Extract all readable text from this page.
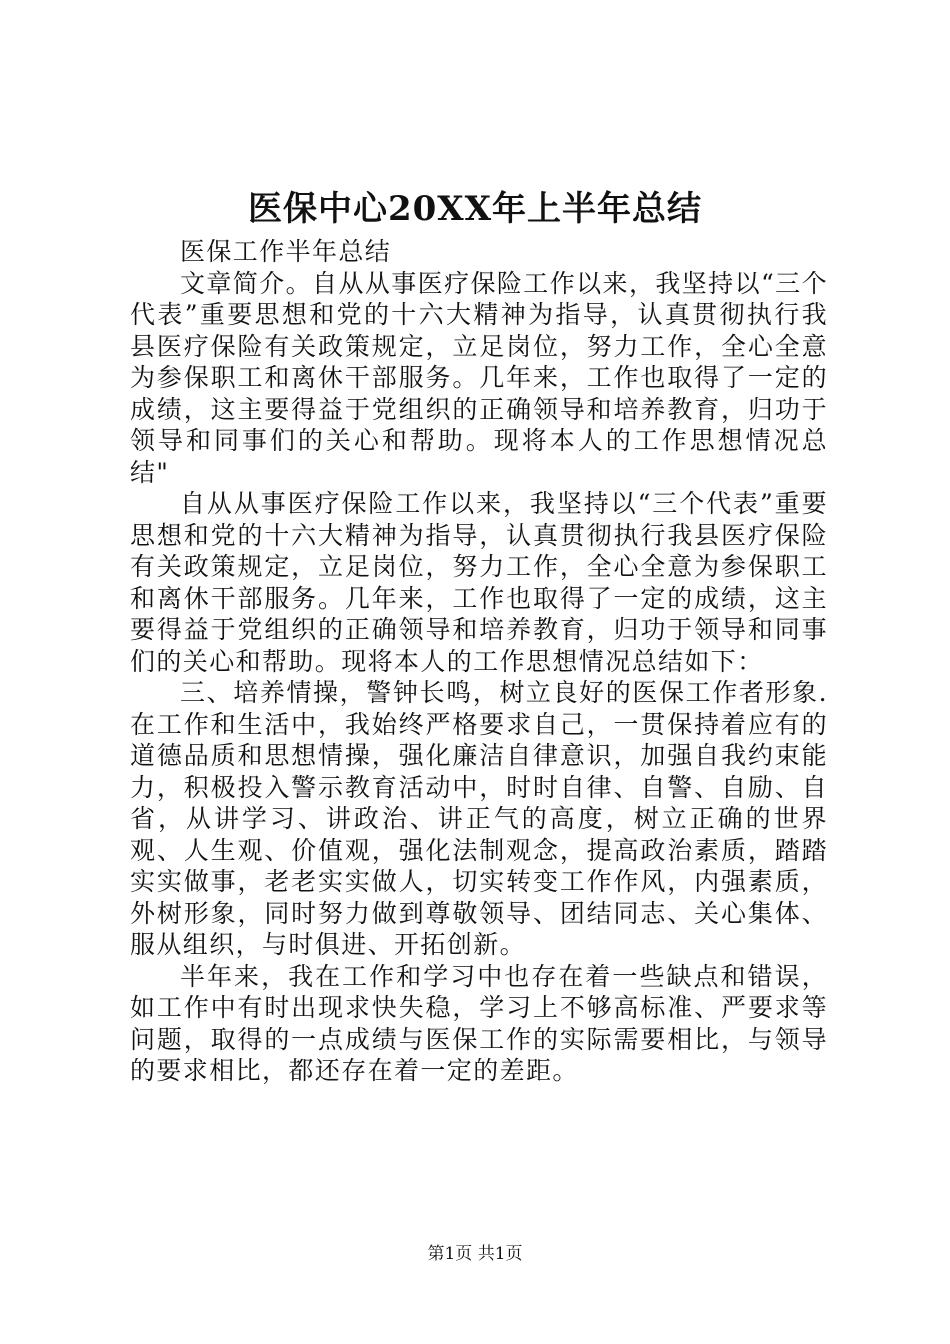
医保中心20XX年上半年总结

医保工作半年总结

文章简介。自从从事医疗保险工作以来，我坚持以“三个代表”重要思想和党的十六大精神为指导，认真贯彻执行我县医疗保险有关政策规定，立足岗位，努力工作，全心全意为参保职工和离休干部服务。几年来，工作也取得了一定的成绩，这主要得益于党组织的正确领导和培养教育，归功于领导和同事们的关心和帮助。现将本人的工作思想情况总结"

自从从事医疗保险工作以来，我坚持以“三个代表”重要思想和党的十六大精神为指导，认真贯彻执行我县医疗保险有关政策规定，立足岗位，努力工作，全心全意为参保职工和离休干部服务。几年来，工作也取得了一定的成绩，这主要得益于党组织的正确领导和培养教育，归功于领导和同事们的关心和帮助。现将本人的工作思想情况总结如下：

三、培养情操，警钟长鸣，树立良好的医保工作者形象.在工作和生活中，我始终严格要求自己，一贯保持着应有的道德品质和思想情操，强化廉洁自律意识，加强自我约束能力，积极投入警示教育活动中，时时自律、自警、自励、自省，从讲学习、讲政治、讲正气的高度，树立正确的世界观、人生观、价值观，强化法制观念，提高政治素质，踏踏实实做事，老老实实做人，切实转变工作作风，内强素质，外树形象，同时努力做到尊敬领导、团结同志、关心集体、服从组织，与时俱进、开拓创新。

半年来，我在工作和学习中也存在着一些缺点和错误，如工作中有时出现求快失稳，学习上不够高标准、严要求等问题，取得的一点成绩与医保工作的实际需要相比，与领导的要求相比，都还存在着一定的差距。

第1页 共1页
